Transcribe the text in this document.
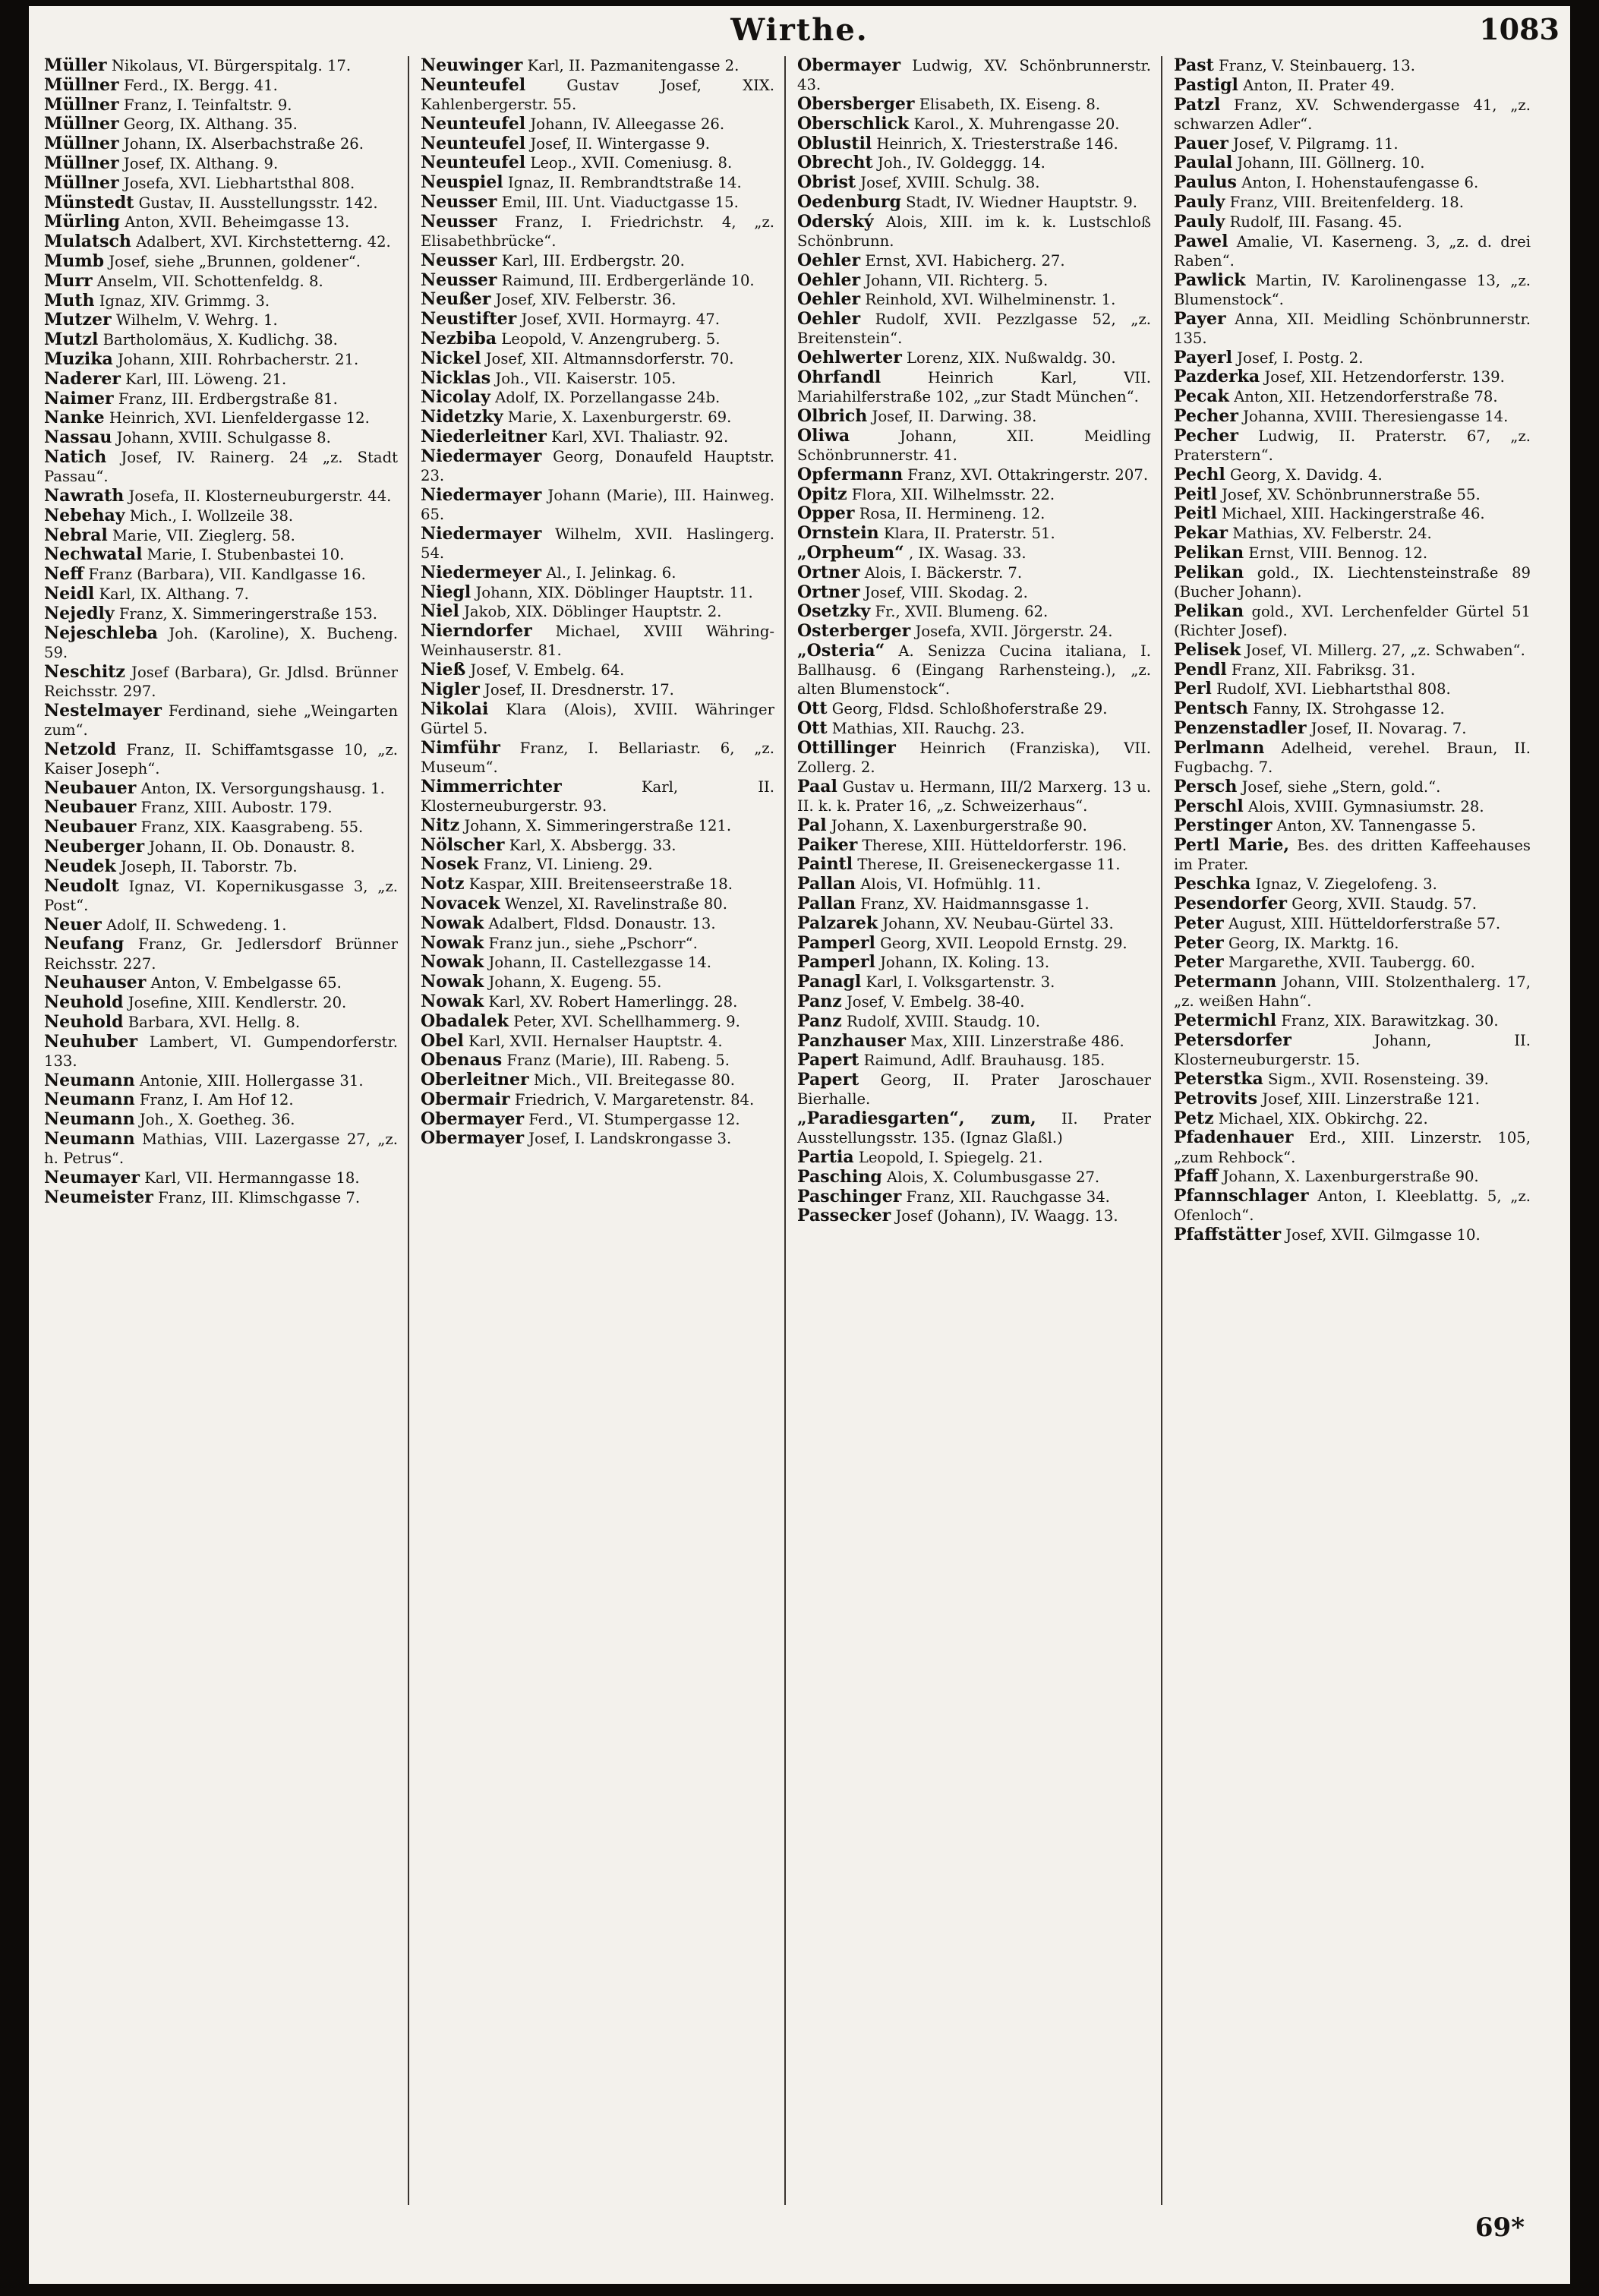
Wirthe.	1083

Müller Nikolaus, VI. Bürgerspitalg. 17.

Müllner Ferd., IX. Bergg. 41.

Müllner Franz, I. Teinfaltstr. 9.

Müllner Georg, IX. Althang. 35.

Müllner Johann, IX. Alserbachstraße 26.

Müllner Josef, IX. Althang. 9.

Müllner Josefa, XVI. Liebhartsthal 808.

Münstedt Gustav, II. Ausstellungsstr. 142.

Mürling Anton, XVII. Beheimgasse 13.

Mulatsch Adalbert, XVI. Kirchstetterng. 42.

Mumb Josef, siehe „Brunnen, goldener“.

Murr Anselm, VII. Schottenfeldg. 8.

Muth Ignaz, XIV. Grimmg. 3.

Mutzer Wilhelm, V. Wehrg. 1.

Mutzl Bartholomäus, X. Kudlichg. 38.

Muzika Johann, XIII. Rohrbacherstr. 21.

Naderer Karl, III. Löweng. 21.

Naimer Franz, III. Erdbergstraße 81.

Nanke Heinrich, XVI. Lienfeldergasse 12.

Nassau Johann, XVIII. Schulgasse 8.

Natich Josef, IV. Rainerg. 24 „z. Stadt Passau“.

Nawrath Josefa, II. Klosterneuburgerstr. 44.

Nebehay Mich., I. Wollzeile 38.

Nebral Marie, VII. Zieglerg. 58.

Nechwatal Marie, I. Stubenbastei 10.

Neff Franz (Barbara), VII. Kandlgasse 16.

Neidl Karl, IX. Althang. 7.

Nejedly Franz, X. Simmeringerstraße 153.

Nejeschleba Joh. (Karoline), X. Bucheng. 59.

Neschitz Josef (Barbara), Gr. Jdlsd. Brünner Reichsstr. 297.

Nestelmayer Ferdinand, siehe „Weingarten zum“.

Netzold Franz, II. Schiffamtsgasse 10, „z. Kaiser Joseph“.

Neubauer Anton, IX. Versorgungshausg. 1.

Neubauer Franz, XIII. Aubostr. 179.

Neubauer Franz, XIX. Kaasgrabeng. 55.

Neuberger Johann, II. Ob. Donaustr. 8.

Neudek Joseph, II. Taborstr. 7b.

Neudolt Ignaz, VI. Kopernikusgasse 3, „z. Post“.

Neuer Adolf, II. Schwedeng. 1.

Neufang Franz, Gr. Jedlersdorf Brünner Reichsstr. 227.

Neuhauser Anton, V. Embelgasse 65.

Neuhold Josefine, XIII. Kendlerstr. 20.

Neuhold Barbara, XVI. Hellg. 8.

Neuhuber Lambert, VI. Gumpendorferstr. 133.

Neumann Antonie, XIII. Hollergasse 31.

Neumann Franz, I. Am Hof 12.

Neumann Joh., X. Goetheg. 36.

Neumann Mathias, VIII. Lazergasse 27, „z. h. Petrus“.

Neumayer Karl, VII. Hermanngasse 18.

Neumeister Franz, III. Klimschgasse 7.

Neuwinger Karl, II. Pazmanitengasse 2.

Neunteufel	Gustav Josef, XIX. Kahlenbergerstr. 55.

Neunteufel Johann, IV. Alleegasse 26.

Neunteufel Josef, II. Wintergasse 9.

Neunteufel Leop., XVII. Comeniusg. 8.

Neuspiel Ignaz, II. Rembrandtstraße 14.

Neusser Emil, III. Unt. Viaductgasse 15.

Neusser Franz, I. Friedrichstr. 4, „z. Elisabethbrücke“.

Neusser Karl, III. Erdbergstr. 20.

Neusser Raimund, III. Erdbergerlände 10.

Neußer Josef, XIV. Felberstr. 36.

Neustifter Josef, XVII. Hormayrg. 47.

Nezbiba Leopold, V. Anzengruberg. 5.

Nickel Josef, XII. Altmannsdorferstr. 70.

Nicklas Joh., VII. Kaiserstr. 105.

Nicolay Adolf, IX. Porzellangasse 24b.

Nidetzky Marie, X. Laxenburgerstr. 69.

Niederleitner Karl, XVI. Thaliastr. 92.

Niedermayer Georg, Donaufeld Hauptstr. 23.

Niedermayer Johann (Marie), III. Hainweg. 65.

Niedermayer Wilhelm, XVII. Haslingerg. 54.

Niedermeyer Al., I. Jelinkag. 6.

Niegl Johann, XIX. Döblinger Hauptstr. 11.

Niel Jakob, XIX. Döblinger Hauptstr. 2.

Nierndorfer Michael, XVIII Währing-Weinhauserstr. 81.

Nieß Josef, V. Embelg. 64.

Nigler Josef, II. Dresdnerstr. 17.

Nikolai Klara (Alois), XVIII. Währinger Gürtel 5.

Nimführ Franz, I. Bellariastr. 6, „z. Museum“.

Nimmerrichter	Karl, II. Klosterneuburgerstr. 93.

Nitz Johann, X. Simmeringerstraße 121.

Nölscher Karl, X. Absbergg. 33.

Nosek Franz, VI. Linieng. 29.

Notz Kaspar, XIII. Breitenseerstraße 18.

Novacek Wenzel, XI. Ravelinstraße 80.

Nowak Adalbert, Fldsd. Donaustr. 13.

Nowak Franz jun., siehe „Pschorr“.

Nowak Johann, II. Castellezgasse 14.

Nowak Johann, X. Eugeng. 55.

Nowak Karl, XV. Robert Hamerlingg. 28.

Obadalek Peter, XVI. Schellhammerg. 9.

Obel Karl, XVII. Hernalser Hauptstr. 4.

Obenaus Franz (Marie), III. Rabeng. 5.

Oberleitner Mich., VII. Breitegasse 80.

Obermair Friedrich, V. Margaretenstr. 84.

Obermayer Ferd., VI. Stumpergasse 12.

Obermayer Josef, I. Landskrongasse 3.

Obermayer Ludwig, XV. Schönbrunnerstr. 43.

Obersberger Elisabeth, IX. Eiseng. 8.

Oberschlick Karol., X. Muhrengasse 20.

Oblustil Heinrich, X. Triesterstraße 146.

Obrecht Joh., IV. Goldeggg. 14.

Obrist Josef, XVIII. Schulg. 38.

Oedenburg Stadt, IV. Wiedner Hauptstr. 9.

Oderský Alois, XIII. im k. k. Lustschloß Schönbrunn.

Oehler Ernst, XVI. Habicherg. 27.

Oehler Johann, VII. Richterg. 5.

Oehler Reinhold, XVI. Wilhelminenstr. 1.

Oehler Rudolf, XVII. Pezzlgasse 52, „z. Breitenstein“.

Oehlwerter Lorenz, XIX. Nußwaldg. 30.

Ohrfandl	Heinrich Karl, VII. Mariahilferstraße 102, „zur Stadt München“.

Olbrich Josef, II. Darwing. 38.

Oliwa	Johann, XII. Meidling Schönbrunnerstr. 41.

Opfermann Franz, XVI. Ottakringerstr. 207.

Opitz Flora, XII. Wilhelmsstr. 22.

Opper Rosa, II. Hermineng. 12.

Ornstein Klara, II. Praterstr. 51.

„Orpheum“ , IX. Wasag. 33.

Ortner Alois, I. Bäckerstr. 7.

Ortner Josef, VIII. Skodag. 2.

Osetzky Fr., XVII. Blumeng. 62.

Osterberger Josefa, XVII. Jörgerstr. 24.

„Osteria“ A. Senizza Cucina italiana, I. Ballhausg. 6 (Eingang Rarhensteing.), „z. alten Blumenstock“.

Ott Georg, Fldsd. Schloßhoferstraße 29.

Ott Mathias, XII. Rauchg. 23.

Ottillinger Heinrich (Franziska), VII. Zollerg. 2.

Paal Gustav u. Hermann, III/2 Marxerg. 13 u. II. k. k. Prater 16, „z. Schweizerhaus“.

Pal Johann, X. Laxenburgerstraße 90.

Paiker Therese, XIII. Hütteldorferstr. 196.

Paintl Therese, II. Greiseneckergasse 11.

Pallan Alois, VI. Hofmühlg. 11.

Pallan Franz, XV. Haidmannsgasse 1.

Palzarek Johann, XV. Neubau-Gürtel 33.

Pamperl Georg, XVII. Leopold Ernstg. 29.

Pamperl Johann, IX. Koling. 13.

Panagl Karl, I. Volksgartenstr. 3.

Panz Josef, V. Embelg. 38-40.

Panz Rudolf, XVIII. Staudg. 10.

Panzhauser Max, XIII. Linzerstraße 486.

Papert Raimund, Adlf. Brauhausg. 185.

Papert Georg, II. Prater Jaroschauer Bierhalle.

„Paradiesgarten“, zum, II. Prater Ausstellungsstr. 135. (Ignaz Glaßl.)

Partia Leopold, I. Spiegelg. 21.

Pasching Alois, X. Columbusgasse 27.

Paschinger Franz, XII. Rauchgasse 34.

Passecker Josef (Johann), IV. Waagg. 13.

Past Franz, V. Steinbauerg. 13.

Pastigl Anton, II. Prater 49.

Patzl Franz, XV. Schwendergasse 41, „z. schwarzen Adler“.

Pauer Josef, V. Pilgramg. 11.

Paulal Johann, III. Göllnerg. 10.

Paulus Anton, I. Hohenstaufengasse 6.

Pauly Franz, VIII. Breitenfelderg. 18.

Pauly Rudolf, III. Fasang. 45.

Pawel Amalie, VI. Kaserneng. 3, „z. d. drei Raben“.

Pawlick Martin, IV. Karolinengasse 13, „z. Blumenstock“.

Payer Anna, XII. Meidling Schönbrunnerstr. 135.

Payerl Josef, I. Postg. 2.

Pazderka Josef, XII. Hetzendorferstr. 139.

Pecak Anton, XII. Hetzendorferstraße 78.

Pecher Johanna, XVIII. Theresiengasse 14.

Pecher Ludwig, II. Praterstr. 67, „z. Praterstern“.

Pechl Georg, X. Davidg. 4.

Peitl Josef, XV. Schönbrunnerstraße 55.

Peitl Michael, XIII. Hackingerstraße 46.

Pekar Mathias, XV. Felberstr. 24.

Pelikan Ernst, VIII. Bennog. 12.

Pelikan gold., IX. Liechtensteinstraße 89 (Bucher Johann).

Pelikan gold., XVI. Lerchenfelder Gürtel 51 (Richter Josef).

Pelisek Josef, VI. Millerg. 27, „z. Schwaben“.

Pendl Franz, XII. Fabriksg. 31.

Perl Rudolf, XVI. Liebhartsthal 808.

Pentsch Fanny, IX. Strohgasse 12.

Penzenstadler Josef, II. Novarag. 7.

Perlmann Adelheid, verehel. Braun, II. Fugbachg. 7.

Persch Josef, siehe „Stern, gold.“.

Perschl Alois, XVIII. Gymnasiumstr. 28.

Perstinger Anton, XV. Tannengasse 5.

Pertl Marie, Bes. des dritten Kaffeehauses im Prater.

Peschka Ignaz, V. Ziegelofeng. 3.

Pesendorfer Georg, XVII. Staudg. 57.

Peter August, XIII. Hütteldorferstraße 57.

Peter Georg, IX. Marktg. 16.

Peter Margarethe, XVII. Taubergg. 60.

Petermann Johann, VIII. Stolzenthalerg. 17, „z. weißen Hahn“.

Petermichl Franz, XIX. Barawitzkag. 30.

Petersdorfer	Johann, II. Klosterneuburgerstr. 15.

Peterstka Sigm., XVII. Rosensteing. 39.

Petrovits Josef, XIII. Linzerstraße 121.

Petz Michael, XIX. Obkirchg. 22.

Pfadenhauer Erd., XIII. Linzerstr. 105, „zum Rehbock“.

Pfaff Johann, X. Laxenburgerstraße 90.

Pfannschlager Anton, I. Kleeblattg. 5, „z. Ofenloch“.

Pfaffstätter Josef, XVII. Gilmgasse 10.

69*
